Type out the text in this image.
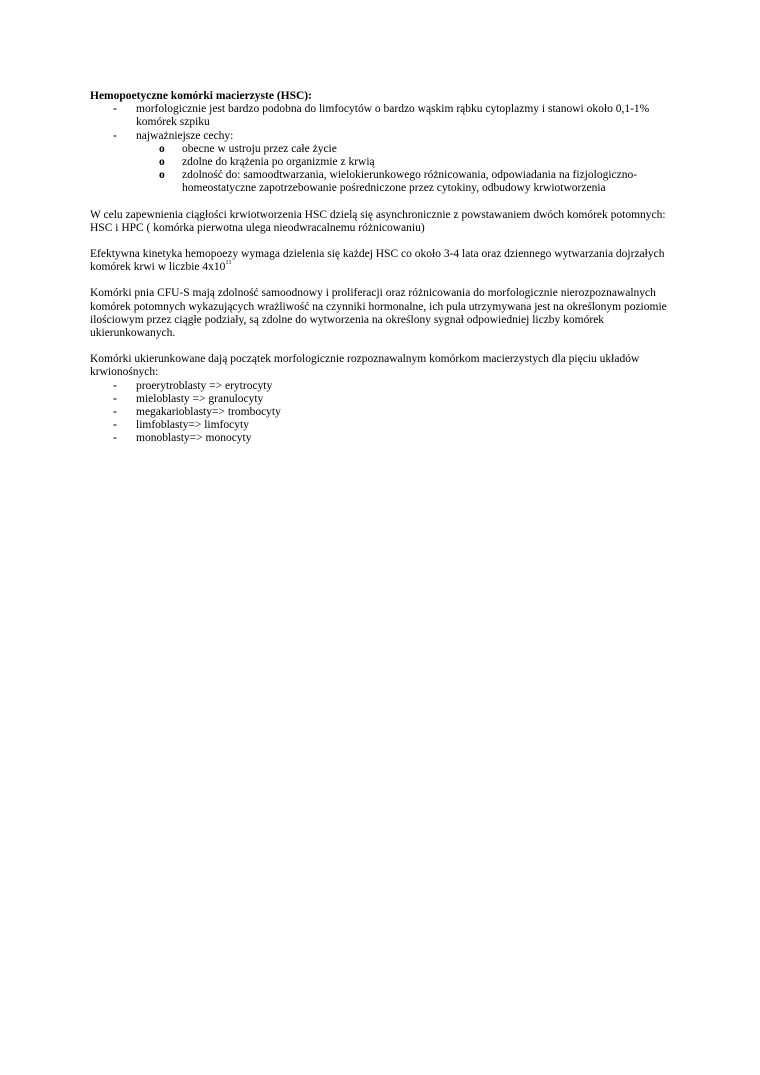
Hemopoetyczne komórki macierzyste (HSC):

- morfologicznie jest bardzo podobna do limfocytów o bardzo wąskim rąbku cytoplazmy i stanowi około 0,1-1% komórek szpiku
- najważniejsze cechy:
o obecne w ustroju przez całe życie
o zdolne do krążenia po organizmie z krwią
o zdolność do: samoodtwarzania, wielokierunkowego różnicowania, odpowiadania na fizjologiczno-homeostatyczne zapotrzebowanie pośredniczone przez cytokiny, odbudowy krwiotworzenia

W celu zapewnienia ciągłości krwiotworzenia HSC dzielą się asynchronicznie z powstawaniem dwóch komórek potomnych: HSC i HPC ( komórka pierwotna ulega nieodwracalnemu różnicowaniu)

Efektywna kinetyka hemopoezy wymaga dzielenia się każdej HSC co około 3-4 lata oraz dziennego wytwarzania dojrzałych komórek krwi w liczbie $4x10^{11}$

Komórki pnia CFU-S mają zdolność samoodnowy i proliferacji oraz różnicowania do morfologicznie nierozpoznawalnych komórek potomnych wykazujących wrażliwość na czynniki hormonalne, ich pula utrzymywana jest na określonym poziomie ilościowym przez ciągłe podziały, są zdolne do wytworzenia na określony sygnał odpowiedniej liczby komórek ukierunkowanych.

Komórki ukierunkowane dają początek morfologicznie rozpoznawalnym komórkom macierzystych dla pięciu układów krwionośnych:

- proerytroblasty => erytrocyty
- mieloblasty => granulocyty
- megakarioblasty=> trombocyty
- limfoblasty=> limfocyty
- monoblasty=> monocyty
